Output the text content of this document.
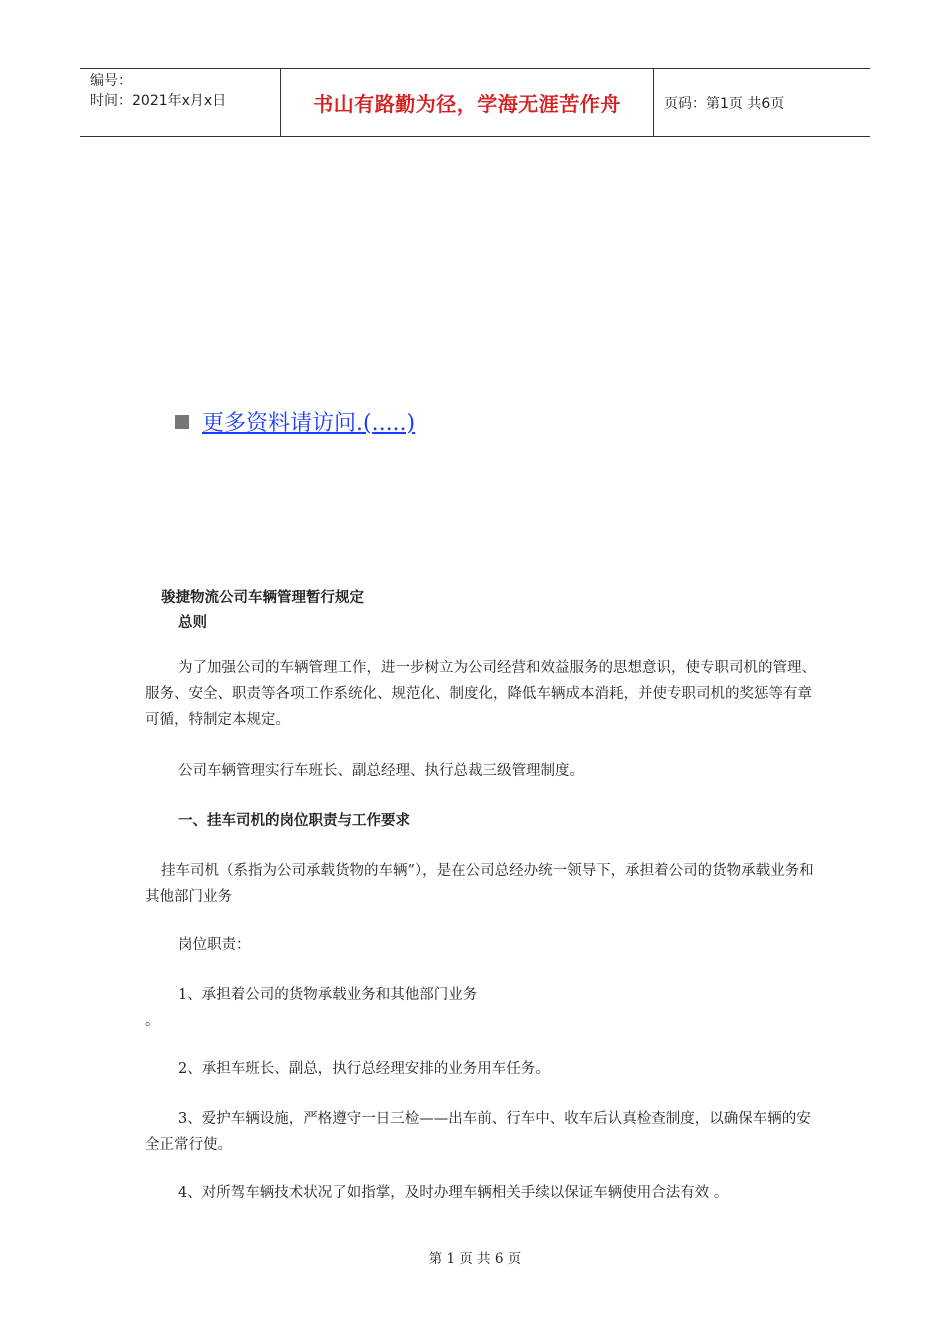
编号：
时间：2021年x月x日	书山有路勤为径，学海无涯苦作舟	页码：第1页 共6页
更多资料请访问.(.....)
骏捷物流公司车辆管理暂行规定
总则

为了加强公司的车辆管理工作，进一步树立为公司经营和效益服务的思想意识，使专职司机的管理、服务、安全、职责等各项工作系统化、规范化、制度化，降低车辆成本消耗，并使专职司机的奖惩等有章可循，特制定本规定。

公司车辆管理实行车班长、副总经理、执行总裁三级管理制度。

一、挂车司机的岗位职责与工作要求

挂车司机（系指为公司承载货物的车辆”），是在公司总经办统一领导下，承担着公司的货物承载业务和其他部门业务

岗位职责：

1、承担着公司的货物承载业务和其他部门业务

。

2、承担车班长、副总，执行总经理安排的业务用车任务。

3、爱护车辆设施，严格遵守一日三检——出车前、行车中、收车后认真检查制度，以确保车辆的安全正常行使。

4、对所驾车辆技术状况了如指掌，及时办理车辆相关手续以保证车辆使用合法有效 。

第 1 页 共 6 页
